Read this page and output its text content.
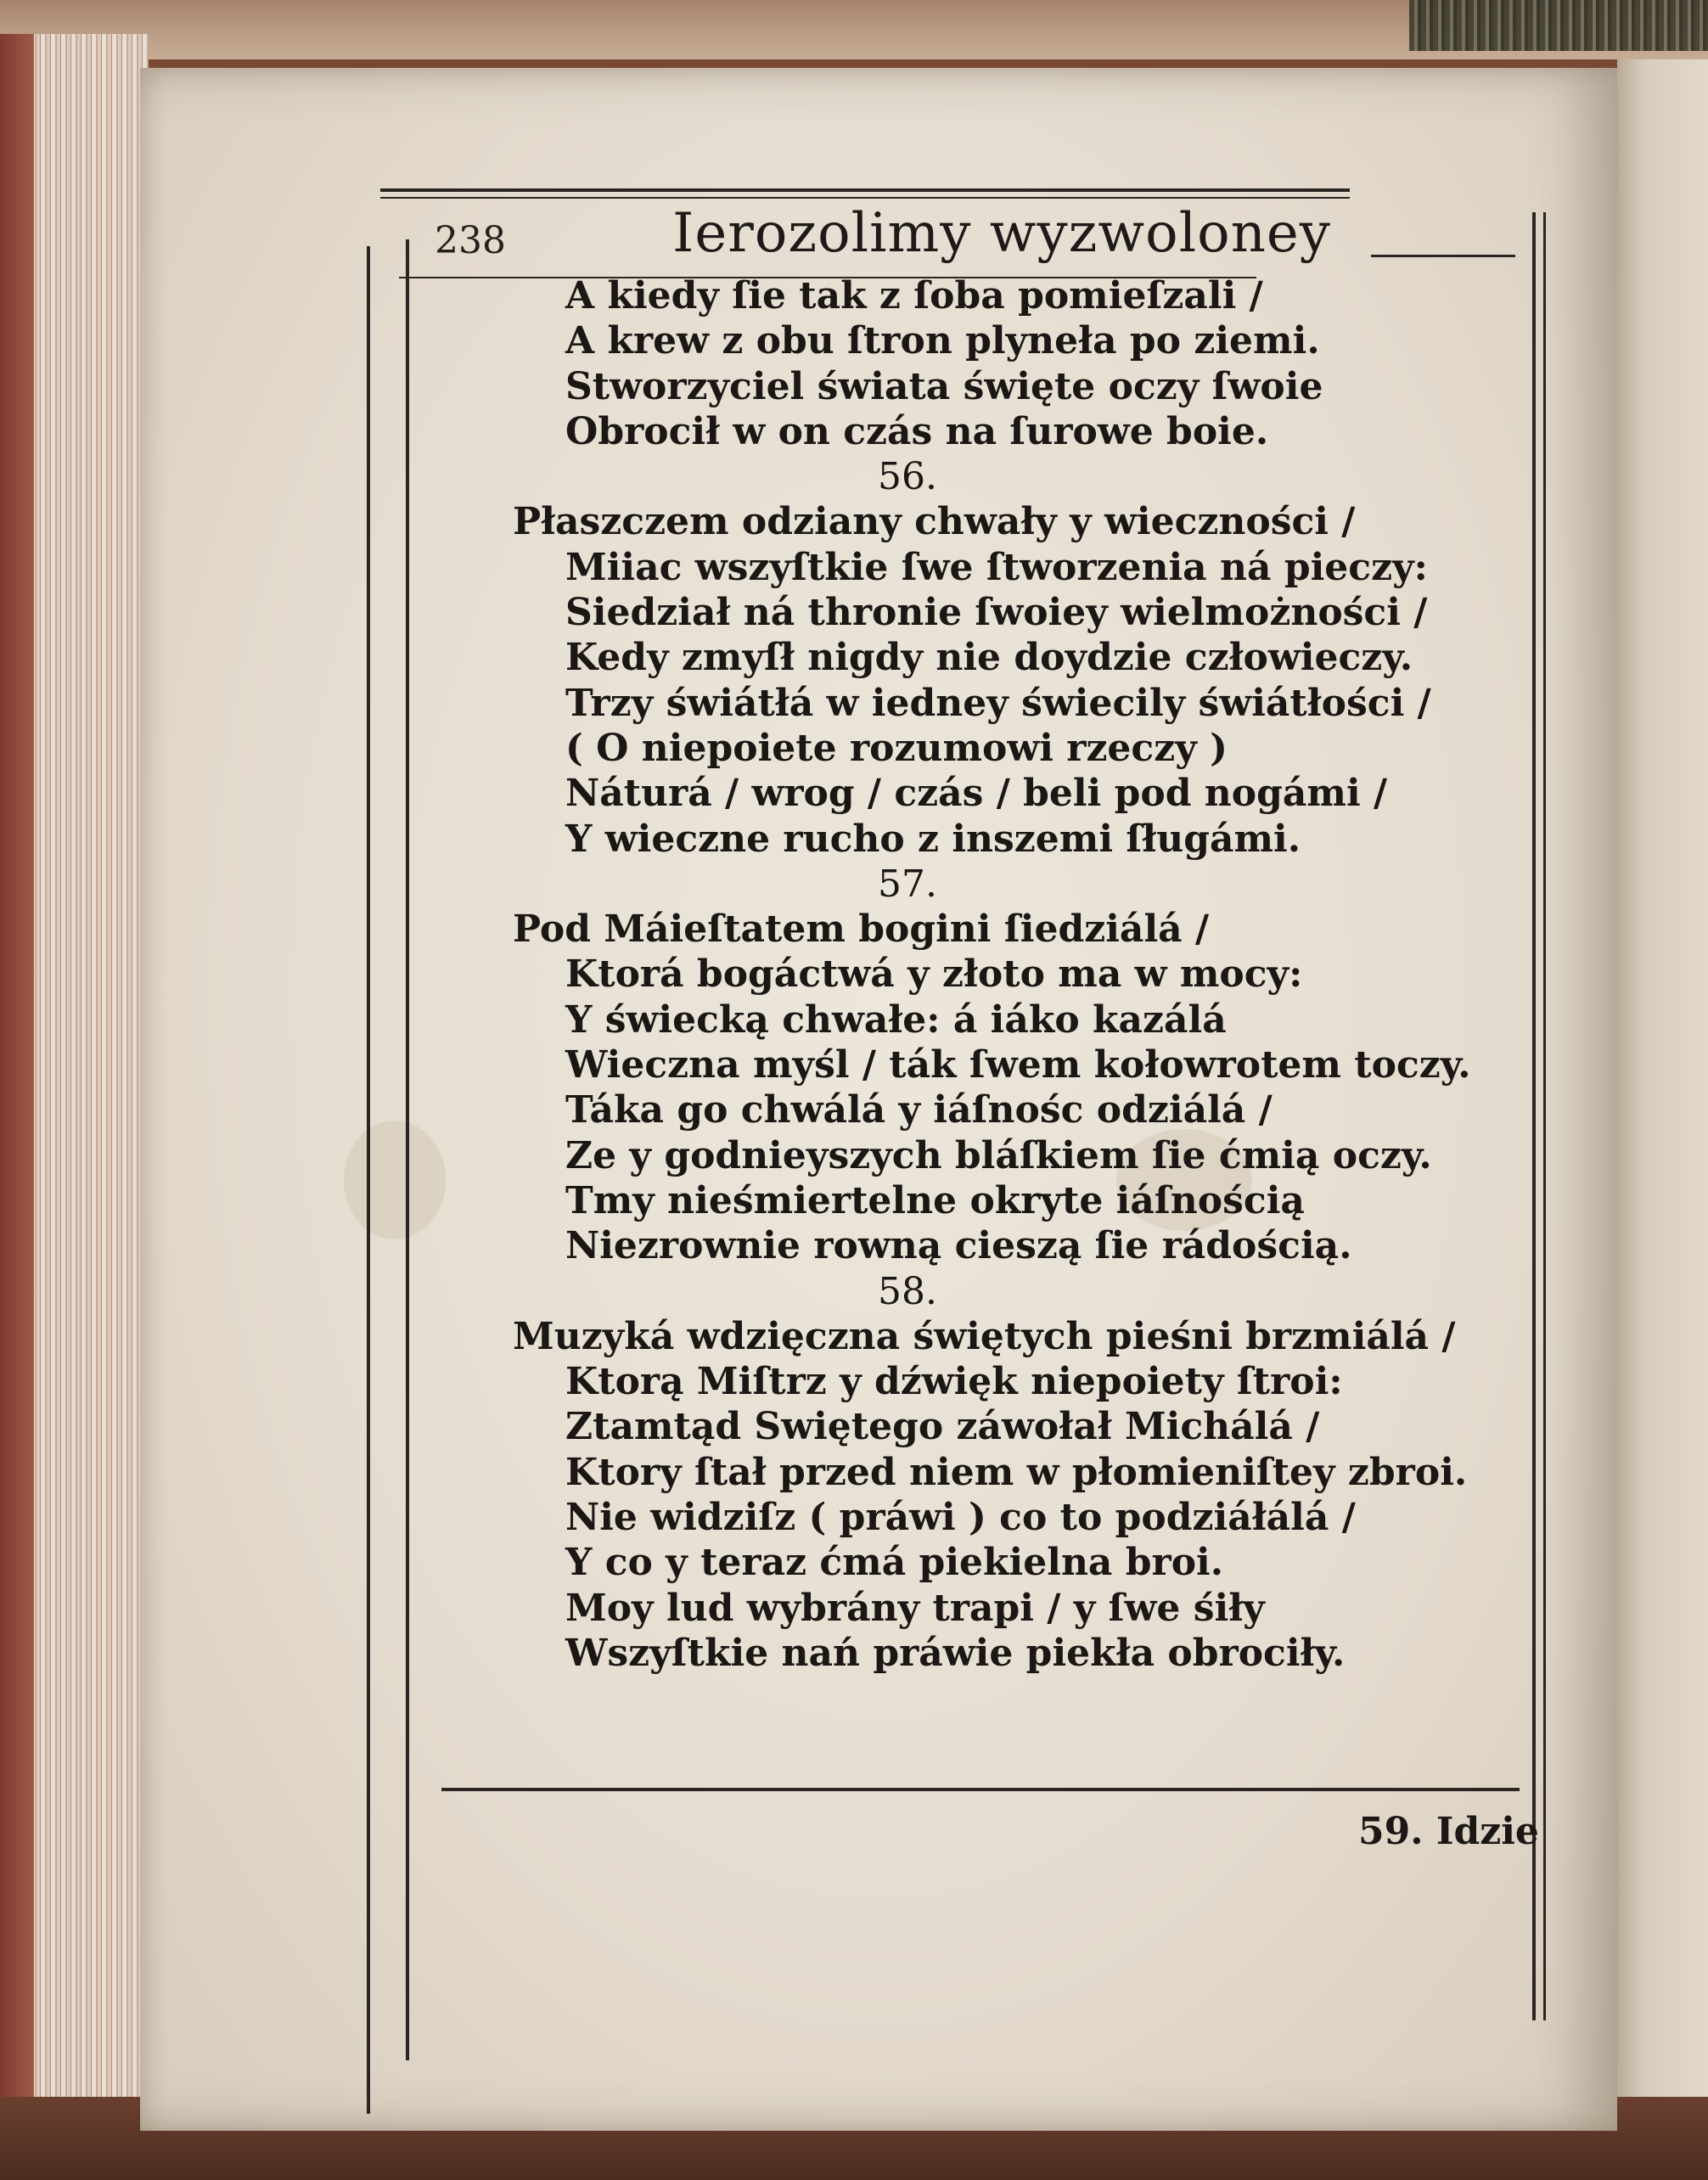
238	Ierozolimy wyzwoloney
A kiedy ſie tak z ſoba pomieſzali /
A krew z obu ſtron plyneła po ziemi.
Stworzyciel świata święte oczy ſwoie
Obrocił w on czás na ſurowe boie.
56.
Płaszczem odziany chwały y wieczności /
Miiac wszyſtkie ſwe ſtworzenia ná pieczy:
Siedział ná thronie ſwoiey wielmożności /
Kedy zmyſł nigdy nie doydzie człowieczy.
Trzy świátłá w iedney świecily świátłości /
( O niepoiete rozumowi rzeczy )
Náturá / wrog / czás / beli pod nogámi /
Y wieczne rucho z inszemi ſługámi.
57.
Pod Máieſtatem bogini ſiedziálá /
Ktorá bogáctwá y złoto ma w mocy:
Y świecką chwałe: á iáko kazálá
Wieczna myśl / ták ſwem kołowrotem toczy.
Táka go chwálá y iáſnośc odziálá /
Ze y godnieyszych bláſkiem ſie ćmią oczy.
Tmy nieśmiertelne okryte iáſnością
Niezrownie rowną cieszą ſie rádością.
58.
Muzyká wdzięczna świętych pieśni brzmiálá /
Ktorą Miſtrz y dźwięk niepoiety ſtroi:
Ztamtąd Swiętego záwołał Michálá /
Ktory ſtał przed niem w płomieniſtey zbroi.
Nie widziſz ( práwi ) co to podziáłálá /
Y co y teraz ćmá piekielna broi.
Moy lud wybrány trapi / y ſwe śiły
Wszyſtkie nań práwie piekła obrociły.
59. Idzie
